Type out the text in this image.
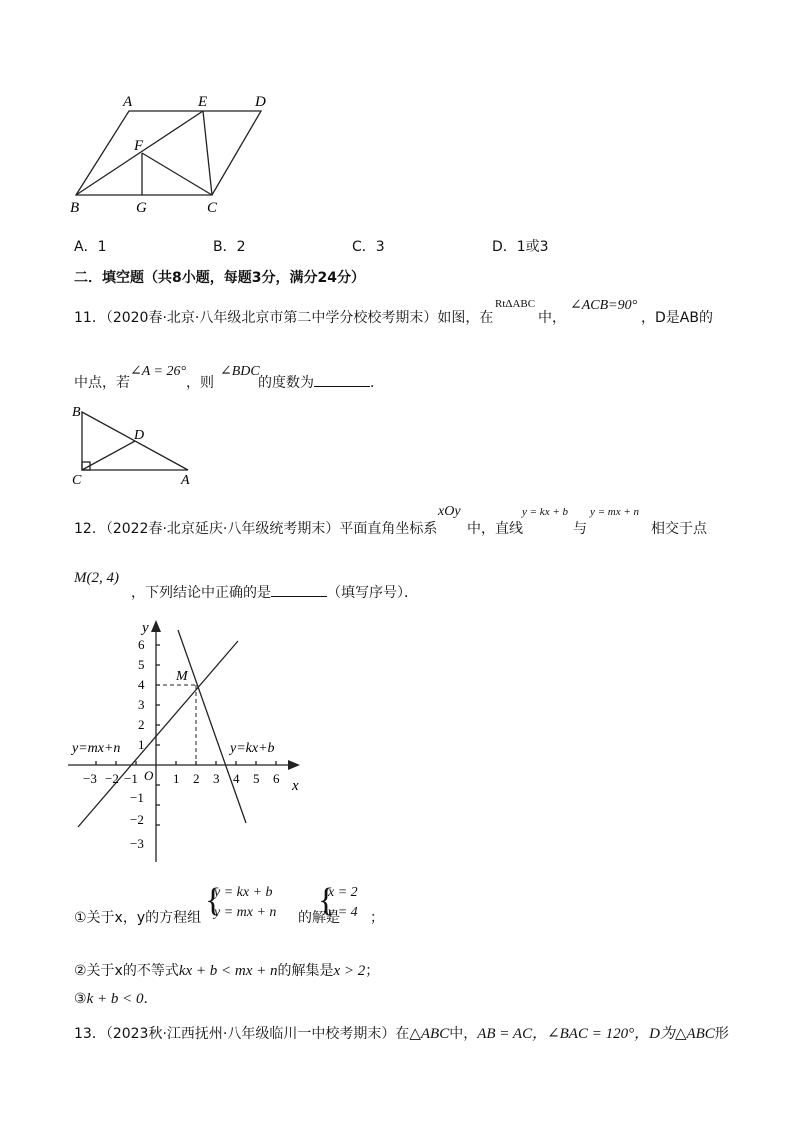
A	E	D
F
B	G	C
A．1	B．2	C．3	D．1或3
二．填空题（共8小题，每题3分，满分24分）
11．（2020春·北京·八年级北京市第二中学分校校考期末）如图，在
RtΔABC
中，
∠ACB=90°
，D是AB的
中点，若
∠A = 26°
，则
∠BDC
的度数为	．
B
D
C	A
12．（2022春·北京延庆·八年级统考期末）平面直角坐标系
xOy
中，直线
y = kx + b
与
y = mx + n
相交于点
M(2, 4)
，下列结论中正确的是	（填写序号）．
y
x
O
M
−3 −2 −1	1 2 3 4 5 6
6
5
4
3
2
1
−1
−2
−3
y=mx+n	y=kx+b
①关于x，y的方程组 {
y = kx + b
y = mx + n 的解是
{
x = 2
y = 4 ；
②关于x的不等式kx + b < mx + n的解集是x > 2；
③k + b < 0．
13．（2023秋·江西抚州·八年级临川一中校考期末）在△ABC中，AB = AC，∠BAC = 120°，D为△ABC形
